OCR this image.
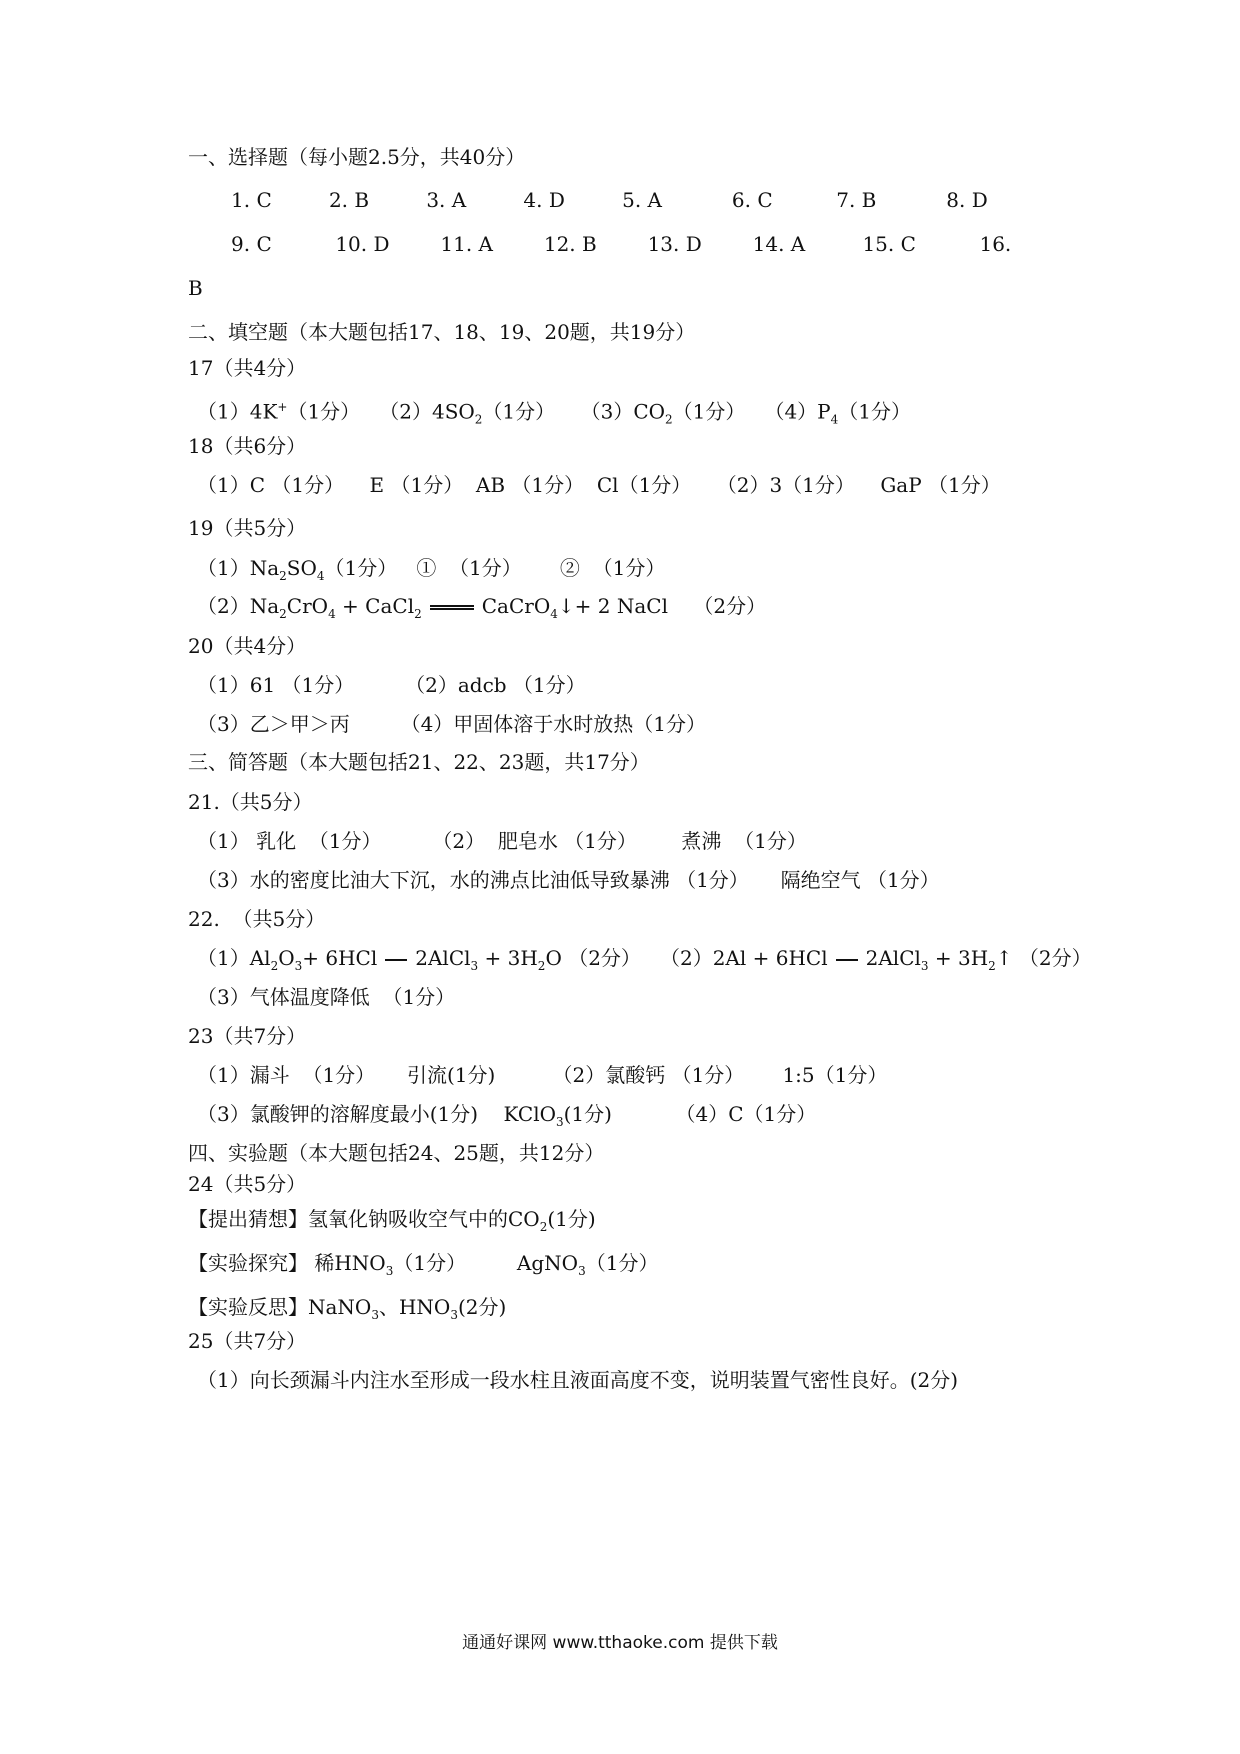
一、选择题（每小题2.5分，共40分）
1. C         2. B         3. A         4. D         5. A           6. C          7. B           8. D
9. C          10. D        11. A        12. B        13. D        14. A         15. C          16.
B
二、填空题（本大题包括17、18、19、20题，共19分）
17（共4分）
（1）4K+（1分）   $(2)4SO_2(1$分）    $(3)CO_2(1$分）   $(4)P_4(1$分）
18（共6分）
（1）C （1分）    E （1分）  AB （1分）  Cl（1分）    （2）3（1分）    GaP （1分）
19（共5分）
$(1)Na_2SO_4(1$分）   ①  （1分）      ②  （1分）
$(2)Na_2CrO_4$ + CaCl$_2$	CaCrO$_4$↓+ 2 NaCl    （2分）
20（共4分）
（1）61 （1分）        （2）adcb （1分）
（3）乙＞甲＞丙        （4）甲固体溶于水时放热（1分）
三、简答题（本大题包括21、22、23题，共17分）
21.（共5分）
（1） 乳化  （1分）        （2）  肥皂水 （1分）       煮沸  （1分）
（3）水的密度比油大下沉，水的沸点比油低导致暴沸 （1分）     隔绝空气 （1分）
22.  （共5分）
$(1)Al_2O_3+ 6HCl$ 2AlCl$_3$ + $3H_2O$ （2分）   （2）2Al + 6HCl 2AlCl$_3$ + $3H_2↑$ （2分）
（3）气体温度降低  （1分）
23（共7分）
（1）漏斗  （1分）     引流(1分)         （2）氯酸钙 （1分）      1:5（1分）
（3）氯酸钾的溶解度最小(1分)    KClO$_3$(1分)          （4）C（1分）
四、实验题（本大题包括24、25题，共12分）
24（共5分）
【提出猜想】氢氧化钠吸收空气中的$CO_2(1$分)
【实验探究】 稀$HNO_3(1$分）        AgNO$_3$（1分）
【实验反思】NaNO$_3$、$HNO_3(2$分)
25（共7分）
（1）向长颈漏斗内注水至形成一段水柱且液面高度不变，说明装置气密性良好。(2分)
通通好课网 www.tthaoke.com 提供下载
